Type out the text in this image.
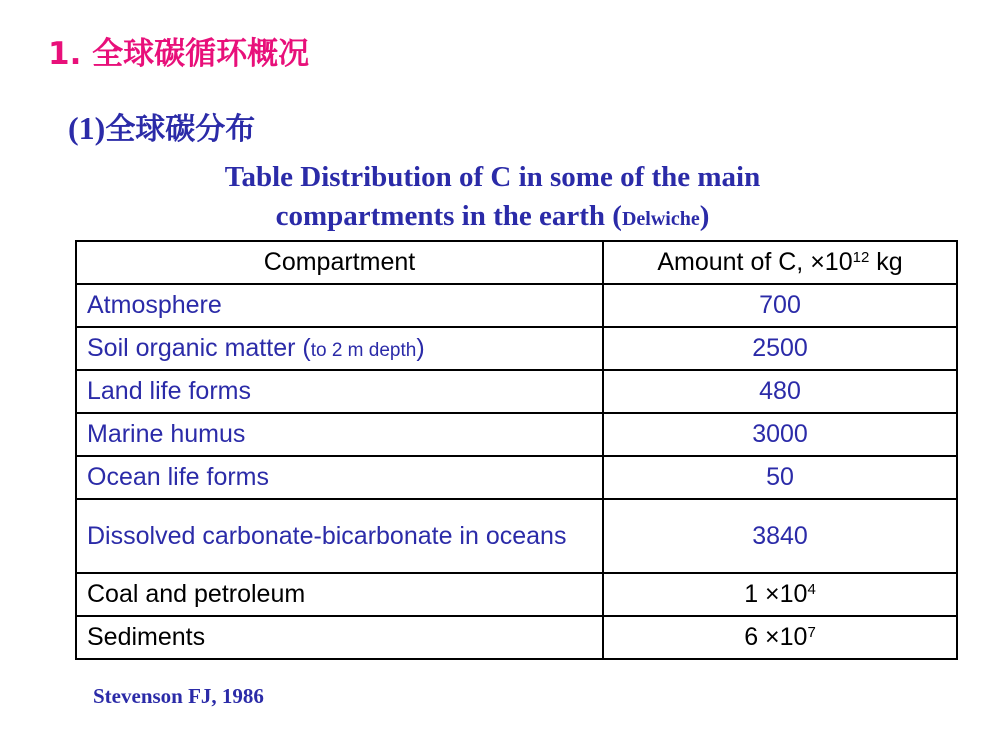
1. 全球碳循环概况
(1)全球碳分布
Table Distribution of C in some of the main
compartments in the earth (Delwiche)
Compartment	Amount of C, $\times 10^{12}$ kg
Atmosphere	700
Soil organic matter (to 2 m depth)	2500
Land life forms	480
Marine humus	3000
Ocean life forms	50
Dissolved carbonate-bicarbonate in oceans	3840
Coal and petroleum	$1 \times 10^4$
Sediments	$6 \times 10^7$
Stevenson FJ, 1986
